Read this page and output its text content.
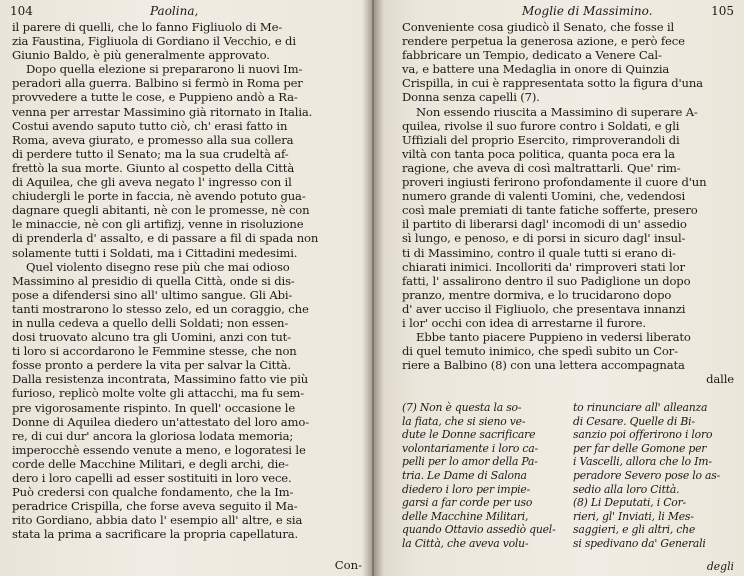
104	Paolina,
il parere di quelli, che lo fanno Figliuolo di Me-
zia Faustina, Figliuola di Gordiano il Vecchio, e di
Giunio Baldo, è più generalmente approvato.
Dopo quella elezione si prepararono li nuovi Im-
peradori alla guerra. Balbino si fermò in Roma per
provvedere a tutte le cose, e Puppieno andò a Ra-
venna per arrestar Massimino già ritornato in Italia.
Costui avendo saputo tutto ciò, ch' erasi fatto in
Roma, aveva giurato, e promesso alla sua collera
di perdere tutto il Senato; ma la sua crudeltà af-
frettò la sua morte. Giunto al cospetto della Città
di Aquilea, che gli aveva negato l' ingresso con il
chiudergli le porte in faccia, nè avendo potuto gua-
dagnare quegli abitanti, nè con le promesse, nè con
le minaccie, nè con gli artifizj, venne in risoluzione
di prenderla d' assalto, e di passare a fil di spada non
solamente tutti i Soldati, ma i Cittadini medesimi.
Quel violento disegno rese più che mai odioso
Massimino al presidio di quella Città, onde si dis-
pose a difendersi sino all' ultimo sangue. Gli Abi-
tanti mostrarono lo stesso zelo, ed un coraggio, che
in nulla cedeva a quello delli Soldati; non essen-
dosi truovato alcuno tra gli Uomini, anzi con tut-
ti loro si accordarono le Femmine stesse, che non
fosse pronto a perdere la vita per salvar la Città.
Dalla resistenza incontrata, Massimino fatto vie più
furioso, replicò molte volte gli attacchi, ma fu sem-
pre vigorosamente rispinto. In quell' occasione le
Donne di Aquilea diedero un'attestato del loro amo-
re, di cui dur' ancora la gloriosa lodata memoria;
imperocchè essendo venute a meno, e logoratesi le
corde delle Macchine Militari, e degli archi, die-
dero i loro capelli ad esser sostituiti in loro vece.
Può credersi con qualche fondamento, che la Im-
peradrice Crispilla, che forse aveva seguito il Ma-
rito Gordiano, abbia dato l' esempio all' altre, e sia
stata la prima a sacrificare la propria capellatura.
Con-
Moglie di Massimino.	105
Conveniente cosa giudicò il Senato, che fosse il
rendere perpetua la generosa azione, e però fece
fabbricare un Tempio, dedicato a Venere Cal-
va, e battere una Medaglia in onore di Quinzia
Crispilla, in cui è rappresentata sotto la figura d'una
Donna senza capelli (7).
Non essendo riuscita a Massimino di superare A-
quilea, rivolse il suo furore contro i Soldati, e gli
Uffiziali del proprio Esercito, rimproverandoli di
viltà con tanta poca politica, quanta poca era la
ragione, che aveva di così maltrattarli. Que' rim-
proveri ingiusti ferirono profondamente il cuore d'un
numero grande di valenti Uomini, che, vedendosi
così male premiati di tante fatiche sofferte, presero
il partito di liberarsi dagl' incomodi di un' assedio
sì lungo, e penoso, e di porsi in sicuro dagl' insul-
ti di Massimino, contro il quale tutti si erano di-
chiarati inimici. Incolloriti da' rimproveri stati lor
fatti, l' assalirono dentro il suo Padiglione un dopo
pranzo, mentre dormiva, e lo trucidarono dopo
d' aver ucciso il Figliuolo, che presentava innanzi
i lor' occhi con idea di arrestarne il furore.
Ebbe tanto piacere Puppieno in vedersi liberato
di quel temuto inimico, che spedì subito un Cor-
riere a Balbino (8) con una lettera accompagnata
dalle
(7) Non è questa la so-
la fiata, che si sieno ve-
dute le Donne sacrificare
volontariamente i loro ca-
pelli per lo amor della Pa-
tria. Le Dame di Salona
diedero i loro per impie-
garsi a far corde per uso
delle Macchine Militari,
quando Ottavio assediò quel-
la Città, che aveva volu-
to rinunciare all' alleanza
di Cesare. Quelle di Bi-
sanzio poi offerirono i loro
per far delle Gomone per
i Vascelli, allora che lo Im-
peradore Severo pose lo as-
sedio alla loro Città.
(8) Li Deputati, i Cor-
rieri, gl' Inviati, li Mes-
saggieri, e gli altri, che
si spedivano da' Generali
degli
